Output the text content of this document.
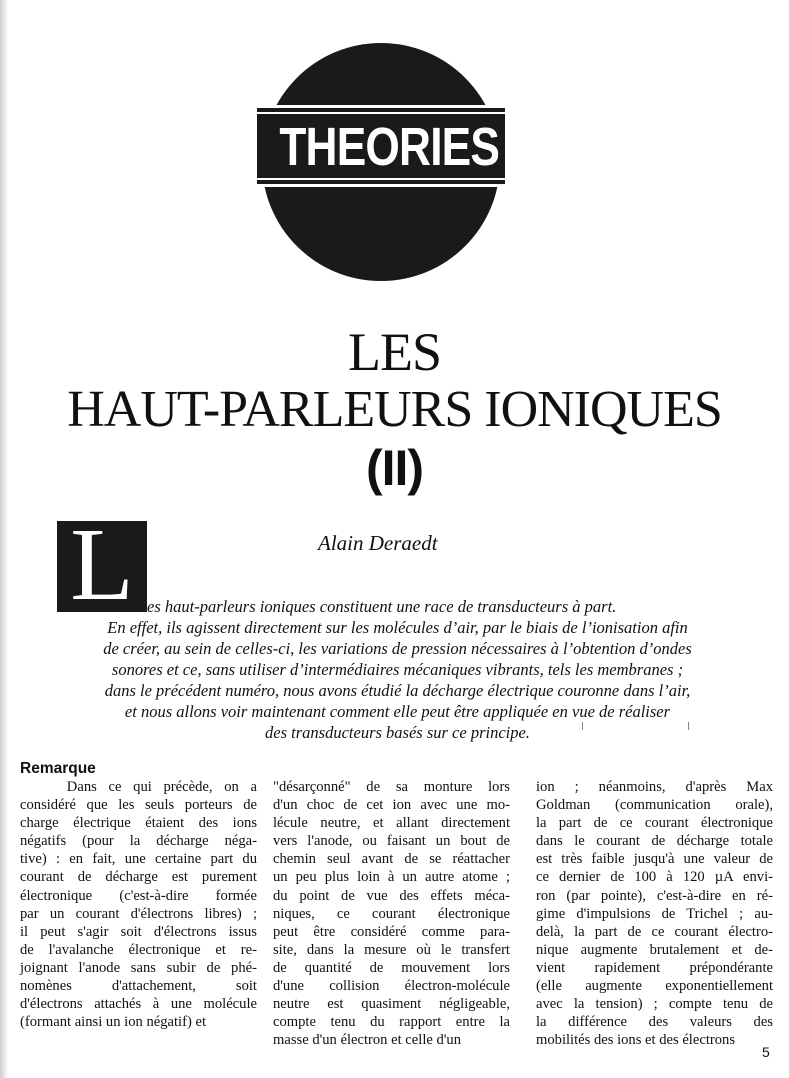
THEORIES
LES
HAUT-PARLEURS IONIQUES
(II)
L	Alain Deraedt

es haut-parleurs ioniques constituent une race de transducteurs à part.

En effet, ils agissent directement sur les molécules d’air, par le biais de l’ionisation afin

de créer, au sein de celles-ci, les variations de pression nécessaires à l’obtention d’ondes

sonores et ce, sans utiliser d’intermédiaires mécaniques vibrants, tels les membranes ;

dans le précédent numéro, nous avons étudié la décharge électrique couronne dans l’air,

et nous allons voir maintenant comment elle peut être appliquée en vue de réaliser

des transducteurs basés sur ce principe.

Remarque
Dans ce qui précède, on a
considéré que les seuls porteurs de
charge électrique étaient des ions
négatifs (pour la décharge néga-
tive) : en fait, une certaine part du
courant de décharge est purement
électronique (c'est-à-dire formée
par un courant d'électrons libres) ;
il peut s'agir soit d'électrons issus
de l'avalanche électronique et re-
joignant l'anode sans subir de phé-
nomènes d'attachement, soit
d'électrons attachés à une molécule
(formant ainsi un ion négatif) et
"désarçonné" de sa monture lors
d'un choc de cet ion avec une mo-
lécule neutre, et allant directement
vers l'anode, ou faisant un bout de
chemin seul avant de se réattacher
un peu plus loin à un autre atome ;
du point de vue des effets méca-
niques, ce courant électronique
peut être considéré comme para-
site, dans la mesure où le transfert
de quantité de mouvement lors
d'une collision électron-molécule
neutre est quasiment négligeable,
compte tenu du rapport entre la
masse d'un électron et celle d'un
ion ; néanmoins, d'après Max
Goldman (communication orale),
la part de ce courant électronique
dans le courant de décharge totale
est très faible jusqu'à une valeur de
ce dernier de 100 à 120 µA envi-
ron (par pointe), c'est-à-dire en ré-
gime d'impulsions de Trichel ; au-
delà, la part de ce courant électro-
nique augmente brutalement et de-
vient rapidement prépondérante
(elle augmente exponentiellement
avec la tension) ; compte tenu de
la différence des valeurs des
mobilités des ions et des électrons
5
